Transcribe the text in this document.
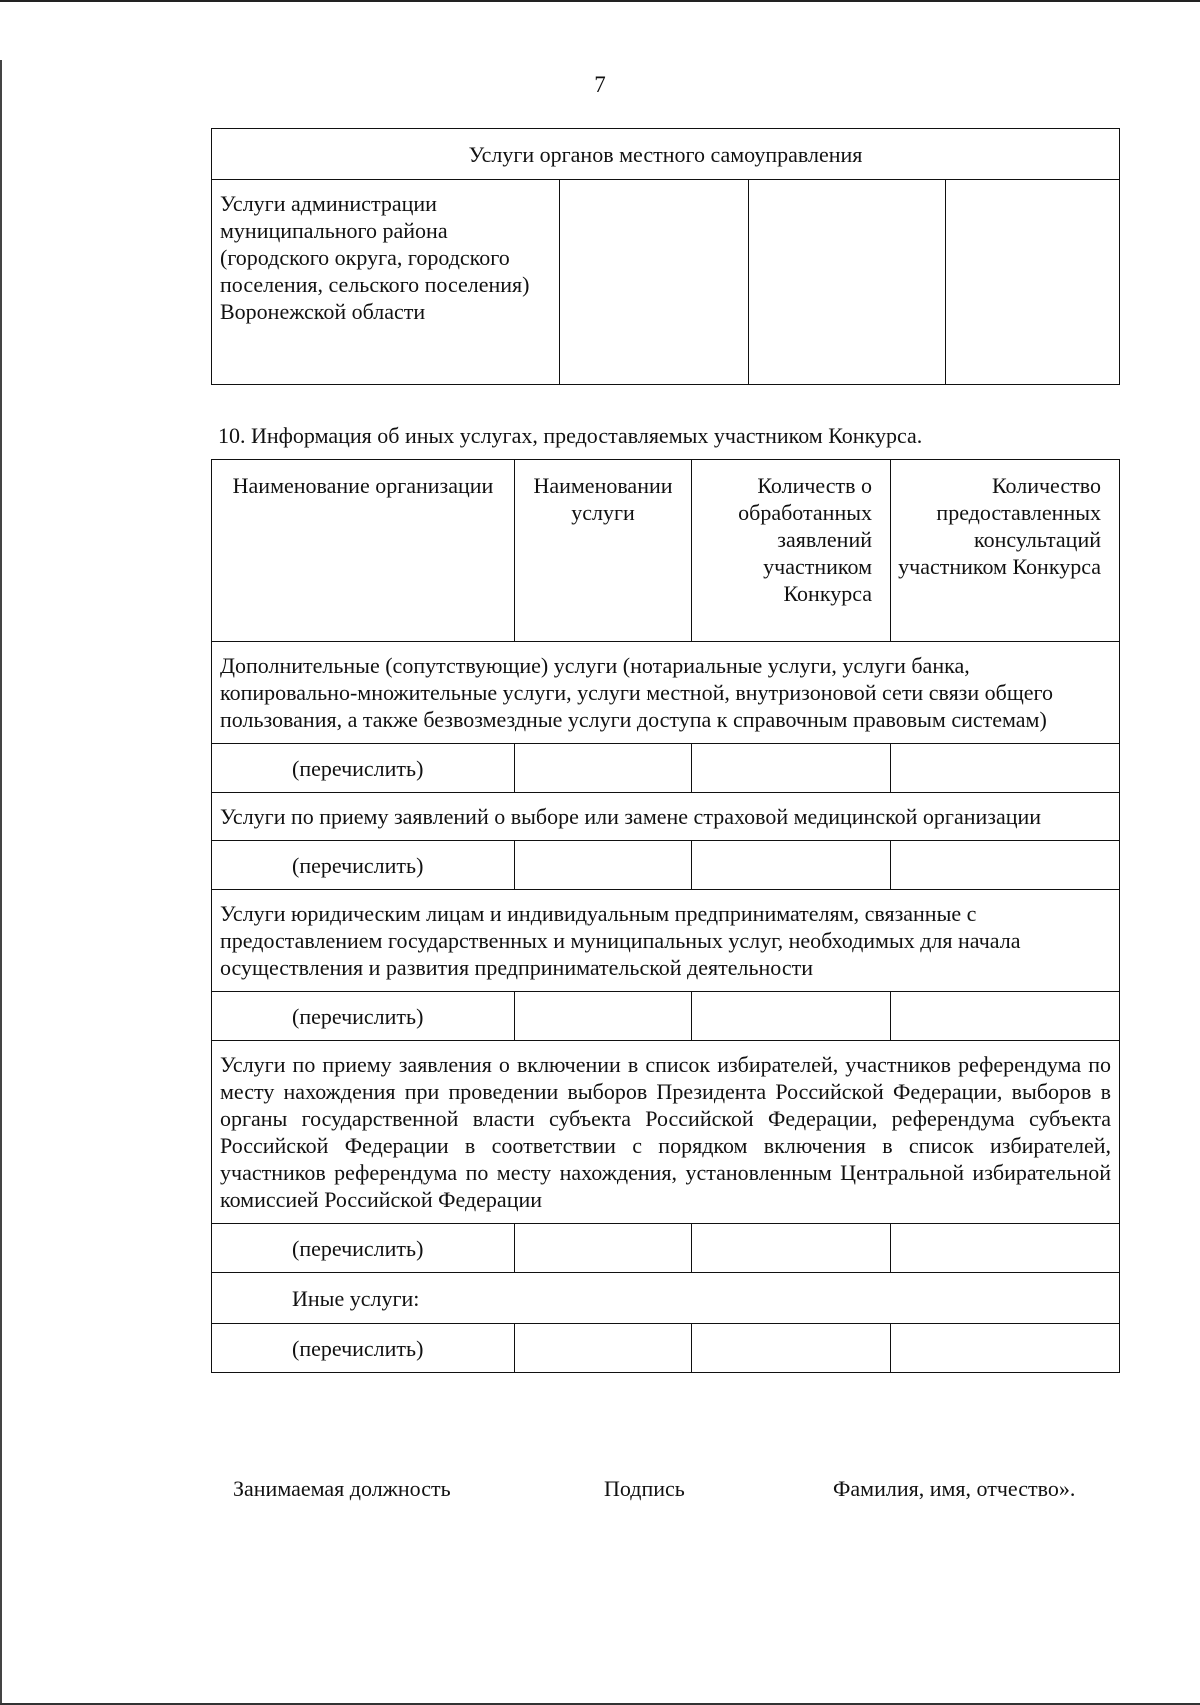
7
Услуги органов местного самоуправления
Услуги администрации муниципального района (городского округа, городского поселения, сельского поселения) Воронежской области			
10. Информация об иных услугах, предоставляемых участником Конкурса.
Наименование организации	Наименовании услуги	Количеств о обработанных заявлений участником Конкурса	Количество предоставленных консультаций участником Конкурса
Дополнительные (сопутствующие) услуги (нотариальные услуги, услуги банка, копировально-множительные услуги, услуги местной, внутризоновой сети связи общего пользования, а также безвозмездные услуги доступа к справочным правовым системам)			
(перечислить)			
Услуги по приему заявлений о выборе или замене страховой медицинской организации			
(перечислить)			
Услуги юридическим лицам и индивидуальным предпринимателям, связанные с предоставлением государственных и муниципальных услуг, необходимых для начала осуществления и развития предпринимательской деятельности			
(перечислить)			
Услуги по приему заявления о включении в список избирателей, участников референдума по месту нахождения при проведении выборов Президента Российской Федерации, выборов в органы государственной власти субъекта Российской Федерации, референдума субъекта Российской Федерации в соответствии с порядком включения в список избирателей, участников референдума по месту нахождения, установленным Центральной избирательной комиссией Российской Федерации			
(перечислить)			
Иные услуги:			
(перечислить)			
Занимаемая должность	Подпись	Фамилия, имя, отчество».
